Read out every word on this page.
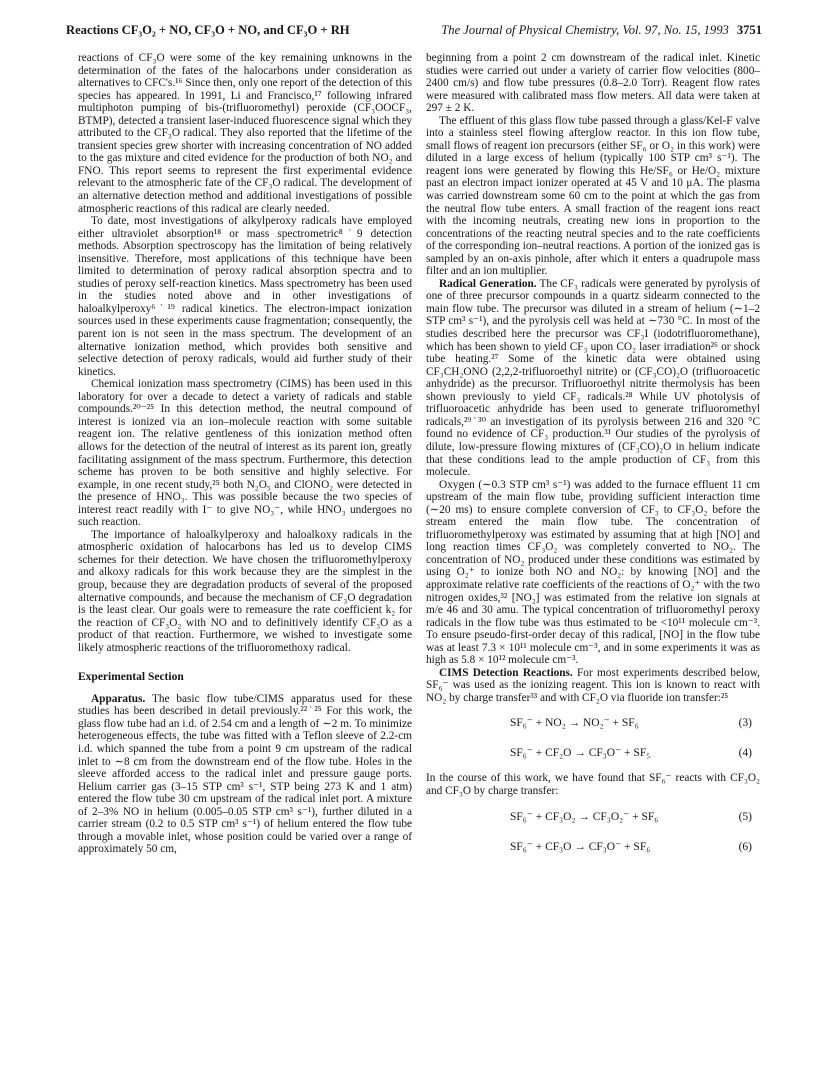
Reactions CF₃O₂ + NO, CF₃O + NO, and CF₃O + RH	The Journal of Physical Chemistry, Vol. 97, No. 15, 1993 3751

reactions of CF₃O were some of the key remaining unknowns in the determination of the fates of the halocarbons under consideration as alternatives to CFC's.¹⁶ Since then, only one report of the detection of this species has appeared. In 1991, Li and Francisco,¹⁷ following infrared multiphoton pumping of bis-(trifluoromethyl) peroxide (CF₃OOCF₃, BTMP), detected a transient laser-induced fluorescence signal which they attributed to the CF₃O radical. They also reported that the lifetime of the transient species grew shorter with increasing concentration of NO added to the gas mixture and cited evidence for the production of both NO₂ and FNO. This report seems to represent the first experimental evidence relevant to the atmospheric fate of the CF₃O radical. The development of an alternative detection method and additional investigations of possible atmospheric reactions of this radical are clearly needed.

To date, most investigations of alkylperoxy radicals have employed either ultraviolet absorption¹⁸ or mass spectrometric⁸˙9 detection methods. Absorption spectroscopy has the limitation of being relatively insensitive. Therefore, most applications of this technique have been limited to determination of peroxy radical absorption spectra and to studies of peroxy self-reaction kinetics. Mass spectrometry has been used in the studies noted above and in other investigations of haloalkylperoxy⁶˙¹⁹ radical kinetics. The electron-impact ionization sources used in these experiments cause fragmentation; consequently, the parent ion is not seen in the mass spectrum. The development of an alternative ionization method, which provides both sensitive and selective detection of peroxy radicals, would aid further study of their kinetics.

Chemical ionization mass spectrometry (CIMS) has been used in this laboratory for over a decade to detect a variety of radicals and stable compounds.²⁰⁻²⁵ In this detection method, the neutral compound of interest is ionized via an ion–molecule reaction with some suitable reagent ion. The relative gentleness of this ionization method often allows for the detection of the neutral of interest as its parent ion, greatly facilitating assignment of the mass spectrum. Furthermore, this detection scheme has proven to be both sensitive and highly selective. For example, in one recent study,²⁵ both N₂O₅ and ClONO₂ were detected in the presence of HNO₃. This was possible because the two species of interest react readily with I⁻ to give NO₃⁻, while HNO₃ undergoes no such reaction.

The importance of haloalkylperoxy and haloalkoxy radicals in the atmospheric oxidation of halocarbons has led us to develop CIMS schemes for their detection. We have chosen the trifluoromethylperoxy and alkoxy radicals for this work because they are the simplest in the group, because they are degradation products of several of the proposed alternative compounds, and because the mechanism of CF₃O degradation is the least clear. Our goals were to remeasure the rate coefficient k₂ for the reaction of CF₃O₂ with NO and to definitively identify CF₃O as a product of that reaction. Furthermore, we wished to investigate some likely atmospheric reactions of the trifluoromethoxy radical.

Experimental Section

Apparatus. The basic flow tube/CIMS apparatus used for these studies has been described in detail previously.²²˙²⁵ For this work, the glass flow tube had an i.d. of 2.54 cm and a length of ∼2 m. To minimize heterogeneous effects, the tube was fitted with a Teflon sleeve of 2.2-cm i.d. which spanned the tube from a point 9 cm upstream of the radical inlet to ∼8 cm from the downstream end of the flow tube. Holes in the sleeve afforded access to the radical inlet and pressure gauge ports. Helium carrier gas (3–15 STP cm³ s⁻¹, STP being 273 K and 1 atm) entered the flow tube 30 cm upstream of the radical inlet port. A mixture of 2–3% NO in helium (0.005–0.05 STP cm³ s⁻¹), further diluted in a carrier stream (0.2 to 0.5 STP cm³ s⁻¹) of helium entered the flow tube through a movable inlet, whose position could be varied over a range of approximately 50 cm,

beginning from a point 2 cm downstream of the radical inlet. Kinetic studies were carried out under a variety of carrier flow velocities (800–2400 cm/s) and flow tube pressures (0.8–2.0 Torr). Reagent flow rates were measured with calibrated mass flow meters. All data were taken at 297 ± 2 K.

The effluent of this glass flow tube passed through a glass/Kel-F valve into a stainless steel flowing afterglow reactor. In this ion flow tube, small flows of reagent ion precursors (either SF₆ or O₂ in this work) were diluted in a large excess of helium (typically 100 STP cm³ s⁻¹). The reagent ions were generated by flowing this He/SF₆ or He/O₂ mixture past an electron impact ionizer operated at 45 V and 10 μA. The plasma was carried downstream some 60 cm to the point at which the gas from the neutral flow tube enters. A small fraction of the reagent ions react with the incoming neutrals, creating new ions in proportion to the concentrations of the reacting neutral species and to the rate coefficients of the corresponding ion–neutral reactions. A portion of the ionized gas is sampled by an on-axis pinhole, after which it enters a quadrupole mass filter and an ion multiplier.

Radical Generation. The CF₃ radicals were generated by pyrolysis of one of three precursor compounds in a quartz sidearm connected to the main flow tube. The precursor was diluted in a stream of helium (∼1–2 STP cm³ s⁻¹), and the pyrolysis cell was held at ∼730 °C. In most of the studies described here the precursor was CF₃I (iodotrifluoromethane), which has been shown to yield CF₃ upon CO₂ laser irradiation²⁶ or shock tube heating.²⁷ Some of the kinetic data were obtained using CF₃CH₂ONO (2,2,2-trifluoroethyl nitrite) or (CF₃CO)₂O (trifluoroacetic anhydride) as the precursor. Trifluoroethyl nitrite thermolysis has been shown previously to yield CF₃ radicals.²⁸ While UV photolysis of trifluoroacetic anhydride has been used to generate trifluoromethyl radicals,²⁹˙³⁰ an investigation of its pyrolysis between 216 and 320 °C found no evidence of CF₃ production.³¹ Our studies of the pyrolysis of dilute, low-pressure flowing mixtures of (CF₃CO)₂O in helium indicate that these conditions lead to the ample production of CF₃ from this molecule.

Oxygen (∼0.3 STP cm³ s⁻¹) was added to the furnace effluent 11 cm upstream of the main flow tube, providing sufficient interaction time (∼20 ms) to ensure complete conversion of CF₃ to CF₃O₂ before the stream entered the main flow tube. The concentration of trifluoromethylperoxy was estimated by assuming that at high [NO] and long reaction times CF₃O₂ was completely converted to NO₂. The concentration of NO₂ produced under these conditions was estimated by using O₂⁺ to ionize both NO and NO₂: by knowing [NO] and the approximate relative rate coefficients of the reactions of O₂⁺ with the two nitrogen oxides,³² [NO₂] was estimated from the relative ion signals at m/e 46 and 30 amu. The typical concentration of trifluoromethyl peroxy radicals in the flow tube was thus estimated to be <10¹¹ molecule cm⁻³. To ensure pseudo-first-order decay of this radical, [NO] in the flow tube was at least 7.3 × 10¹¹ molecule cm⁻³, and in some experiments it was as high as 5.8 × 10¹² molecule cm⁻³.

CIMS Detection Reactions. For most experiments described below, SF₆⁻ was used as the ionizing reagent. This ion is known to react with NO₂ by charge transfer³³ and with CF₂O via fluoride ion transfer:²⁵

SF₆⁻ + NO₂ → NO₂⁻ + SF₆	(3)
SF₆⁻ + CF₂O → CF₃O⁻ + SF₅	(4)

In the course of this work, we have found that SF₆⁻ reacts with CF₃O₂ and CF₃O by charge transfer:

SF₆⁻ + CF₃O₂ → CF₃O₂⁻ + SF₆	(5)
SF₆⁻ + CF₃O → CF₃O⁻ + SF₆	(6)
